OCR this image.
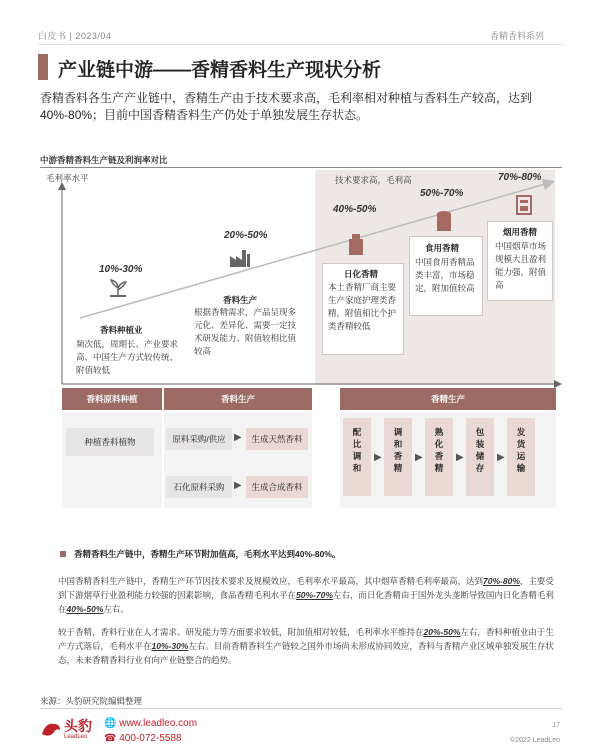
白皮书 | 2023/04	香精香料系列
产业链中游——香精香料生产现状分析
香精香料各生产产业链中，香精生产由于技术要求高，毛利率相对种植与香料生产较高，达到40%-80%；目前中国香精香料生产仍处于单独发展生存状态。
中游香精香料生产链及利润率对比
毛利率水平	技术要求高，毛利高
10%-30%
香料种植业
频次低，周期长、产业要求高、中国生产方式较传统、附值较低
20%-50%
香料生产
根据香精需求，产品呈现多元化、差异化、需要一定技术研发能力、附值较相比值较高
40%-50%
日化香精
本土香精厂商主要生产家庭护理类香精，附值相比个护类香精较低
50%-70%
食用香精
中国食用香精品类丰富，市场稳定，附加值较高
70%-80%
烟用香精
中国烟草市场规模大且盈利能力强，附值高
香料原料种植	香料生产	香精生产
种植香料植物	原料采购/供应 ▶	生成天然香料
石化原料采购 ▶	生成合成香料
配比调和
▶
调和香精
▶
熟化香精
▶
包装储存
▶
发货运输
香精香料生产链中，香精生产环节附加值高，毛利水平达到40%-80%。
中国香精香料生产链中，香精生产环节因技术要求及规模效应，毛利率水平最高，其中烟草香精毛利率最高，达到70%-80%，主要受到下游烟草行业盈利能力较强的因素影响，食品香精毛利水平在50%-70%左右，而日化香精由于国外龙头垄断导致国内日化香精毛利在40%-50%左右。
较于香精，香料行业在人才需求、研发能力等方面要求较低，附加值相对较低，毛利率水平维持在20%-50%左右，香料种植业由于生产方式落后，毛利水平在10%-30%左右。目前香精香料生产链较之国外市场尚未形成协同效应，香料与香精产业区域单独发展生存状态，未来香精香料行业有向产业链整合的趋势。
来源：头豹研究院编辑整理
头豹
LeadLeo
🌐 www.leadleo.com
☎ 400-072-5588
17
©2022 LeadLeo
